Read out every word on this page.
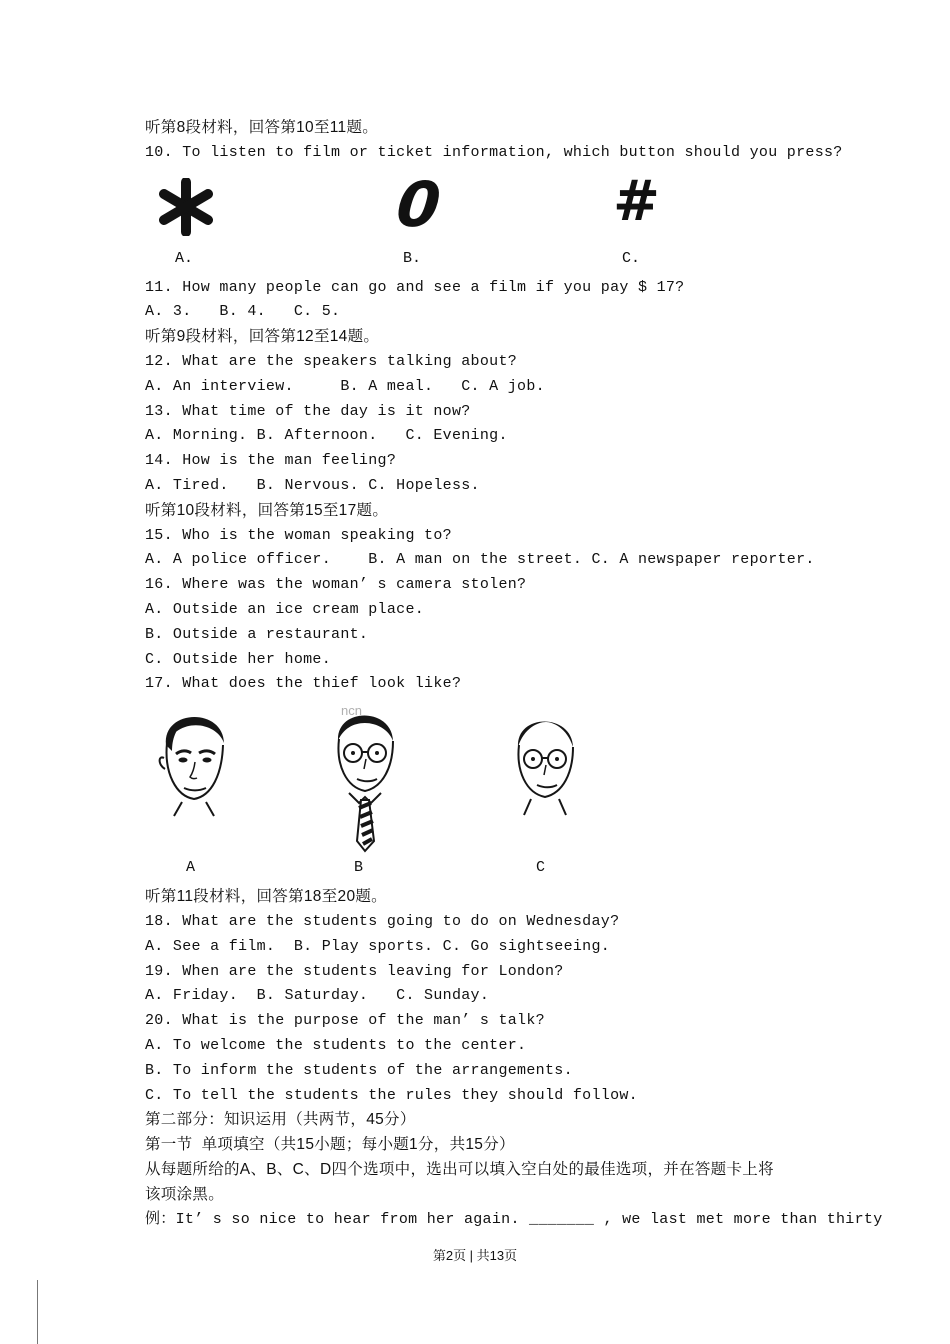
听第8段材料，回答第10至11题。
10. To listen to film or ticket information, which button should you press?
0	#
A.	B.	C.
11. How many people can go and see a film if you pay $ 17?
A. 3.   B. 4.   C. 5.
听第9段材料，回答第12至14题。
12. What are the speakers talking about?
A. An interview.     B. A meal.   C. A job.
13. What time of the day is it now?
A. Morning. B. Afternoon.   C. Evening.
14. How is the man feeling?
A. Tired.   B. Nervous. C. Hopeless.
听第10段材料，回答第15至17题。
15. Who is the woman speaking to?
A. A police officer.    B. A man on the street. C. A newspaper reporter.
16. Where was the woman’ s camera stolen?
A. Outside an ice cream place.
B. Outside a restaurant.
C. Outside her home.
17. What does the thief look like?
ncn
A	B	C
听第11段材料，回答第18至20题。
18. What are the students going to do on Wednesday?
A. See a film.  B. Play sports. C. Go sightseeing.
19. When are the students leaving for London?
A. Friday.  B. Saturday.   C. Sunday.
20. What is the purpose of the man’ s talk?
A. To welcome the students to the center.
B. To inform the students of the arrangements.
C. To tell the students the rules they should follow.
第二部分：知识运用（共两节，45分）
第一节  单项填空（共15小题；每小题1分，共15分）
从每题所给的A、B、C、D四个选项中，选出可以填入空白处的最佳选项，并在答题卡上将
该项涂黑。
例：It’ s so nice to hear from her again. _______ , we last met more than thirty
第2页 | 共13页
